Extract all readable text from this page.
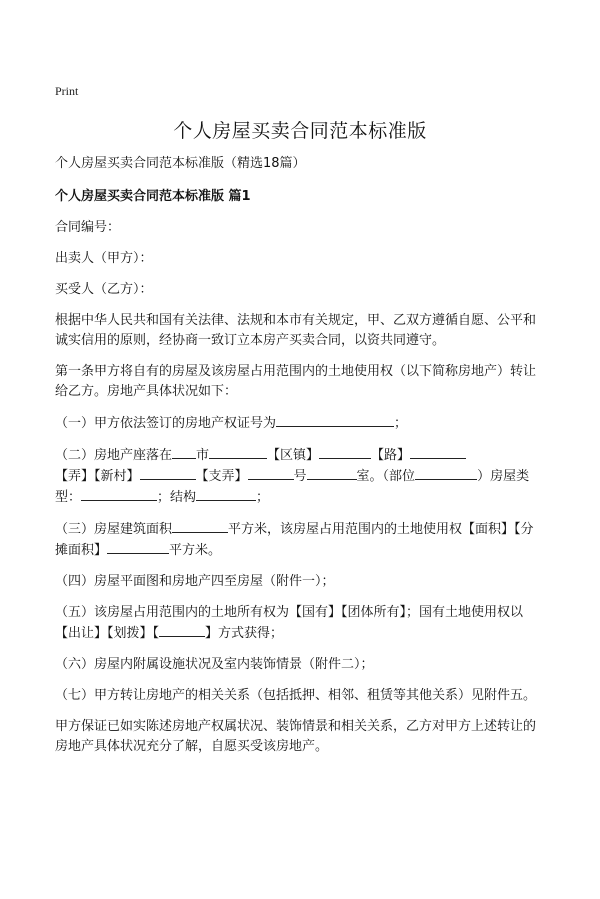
Print
个人房屋买卖合同范本标准版

个人房屋买卖合同范本标准版（精选18篇）

个人房屋买卖合同范本标准版 篇1

合同编号：

出卖人（甲方）：

买受人（乙方）：

根据中华人民共和国有关法律、法规和本市有关规定，甲、乙双方遵循自愿、公平和诚实信用的原则，经协商一致订立本房产买卖合同，以资共同遵守。

第一条甲方将自有的房屋及该房屋占用范围内的土地使用权（以下简称房地产）转让给乙方。房地产具体状况如下：

（一）甲方依法签订的房地产权证号为	；

（二）房地产座落在 市	【区镇】	【路】【弄】【新村】	【支弄】	号	室。（部位	）房屋类型：	；结构	；

（三）房屋建筑面积	平方米，该房屋占用范围内的土地使用权【面积】【分摊面积】	平方米。

（四）房屋平面图和房地产四至房屋（附件一）；

（五）该房屋占用范围内的土地所有权为【国有】【团体所有】；国有土地使用权以【出让】【划拨】【	】方式获得；

（六）房屋内附属设施状况及室内装饰情景（附件二）；

（七）甲方转让房地产的相关关系（包括抵押、相邻、租赁等其他关系）见附件五。

甲方保证已如实陈述房地产权属状况、装饰情景和相关关系，乙方对甲方上述转让的房地产具体状况充分了解，自愿买受该房地产。
